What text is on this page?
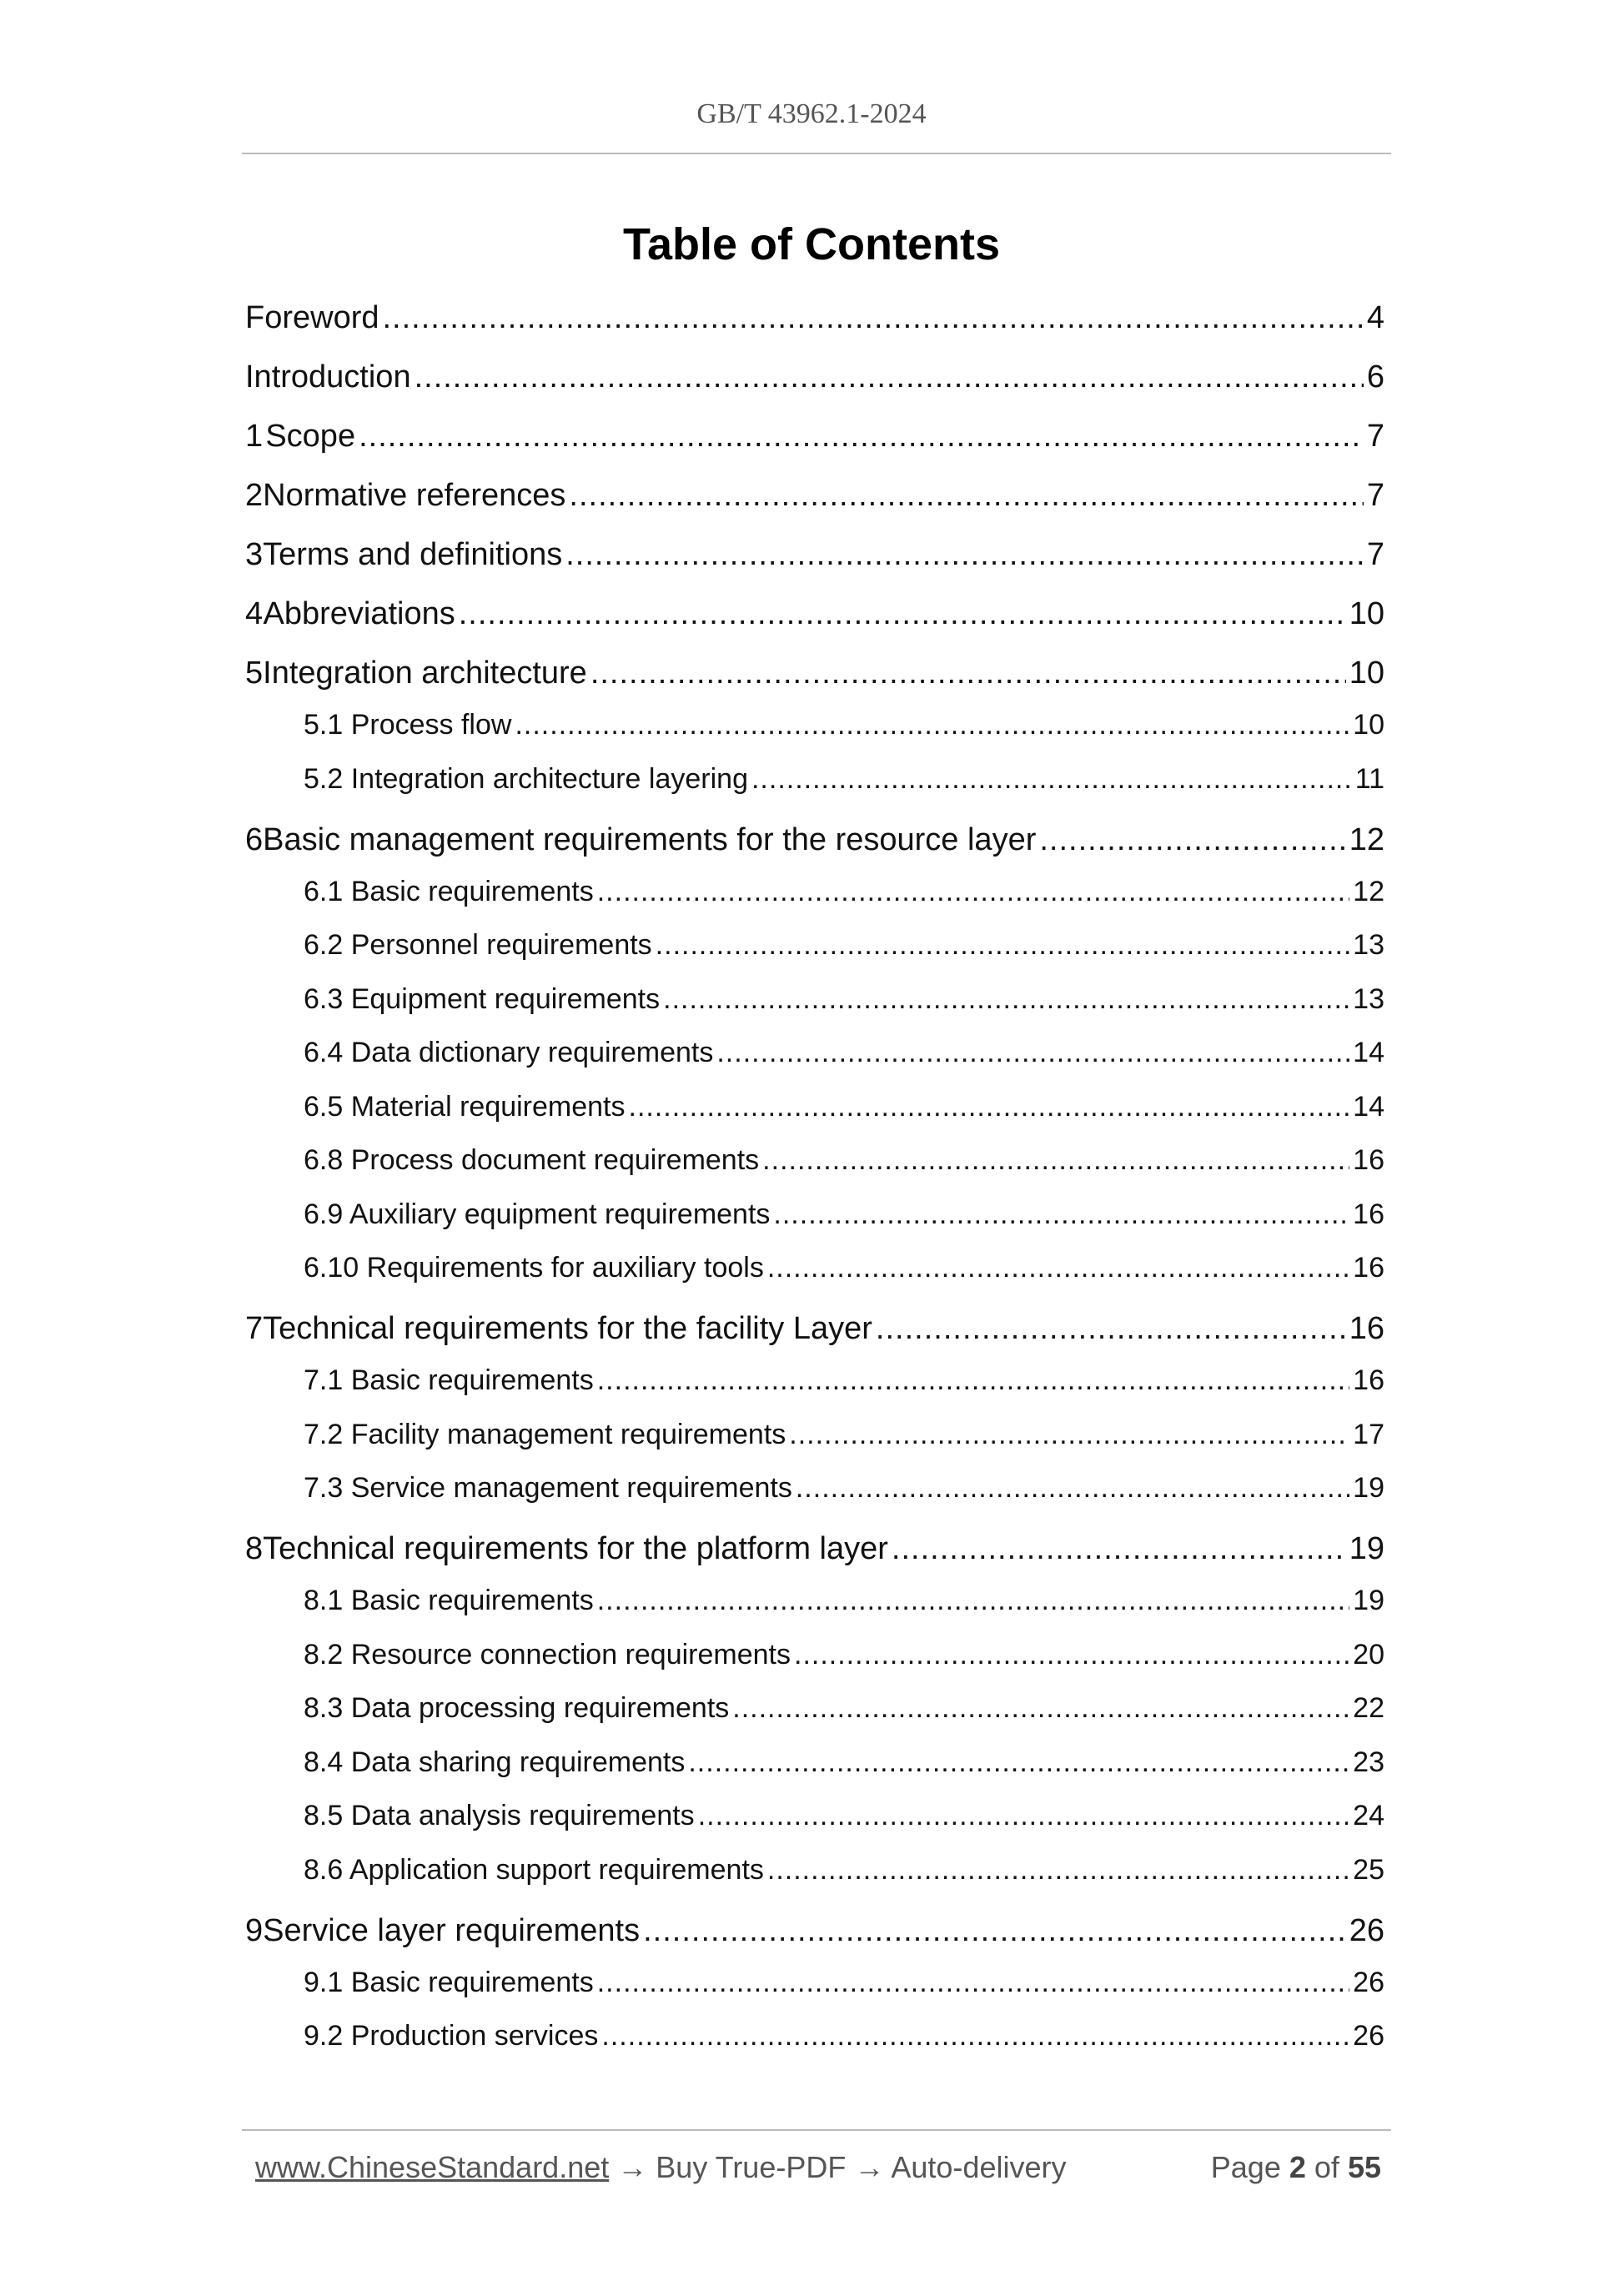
GB/T 43962.1-2024
Table of Contents
Foreword .....	4
Introduction .....	6
1 Scope .....	7
2 Normative references .....	7
3 Terms and definitions .....	7
4 Abbreviations .....	10
5 Integration architecture .....	10
5.1 Process flow .....	10
5.2 Integration architecture layering .....	11
6 Basic management requirements for the resource layer .....	12
6.1 Basic requirements .....	12
6.2 Personnel requirements .....	13
6.3 Equipment requirements .....	13
6.4 Data dictionary requirements .....	14
6.5 Material requirements .....	14
6.8 Process document requirements .....	16
6.9 Auxiliary equipment requirements .....	16
6.10 Requirements for auxiliary tools .....	16
7 Technical requirements for the facility Layer .....	16
7.1 Basic requirements .....	16
7.2 Facility management requirements .....	17
7.3 Service management requirements .....	19
8 Technical requirements for the platform layer .....	19
8.1 Basic requirements .....	19
8.2 Resource connection requirements .....	20
8.3 Data processing requirements .....	22
8.4 Data sharing requirements .....	23
8.5 Data analysis requirements .....	24
8.6 Application support requirements .....	25
9 Service layer requirements .....	26
9.1 Basic requirements .....	26
9.2 Production services .....	26
www.ChineseStandard.net → Buy True-PDF → Auto-delivery	Page 2 of 55
